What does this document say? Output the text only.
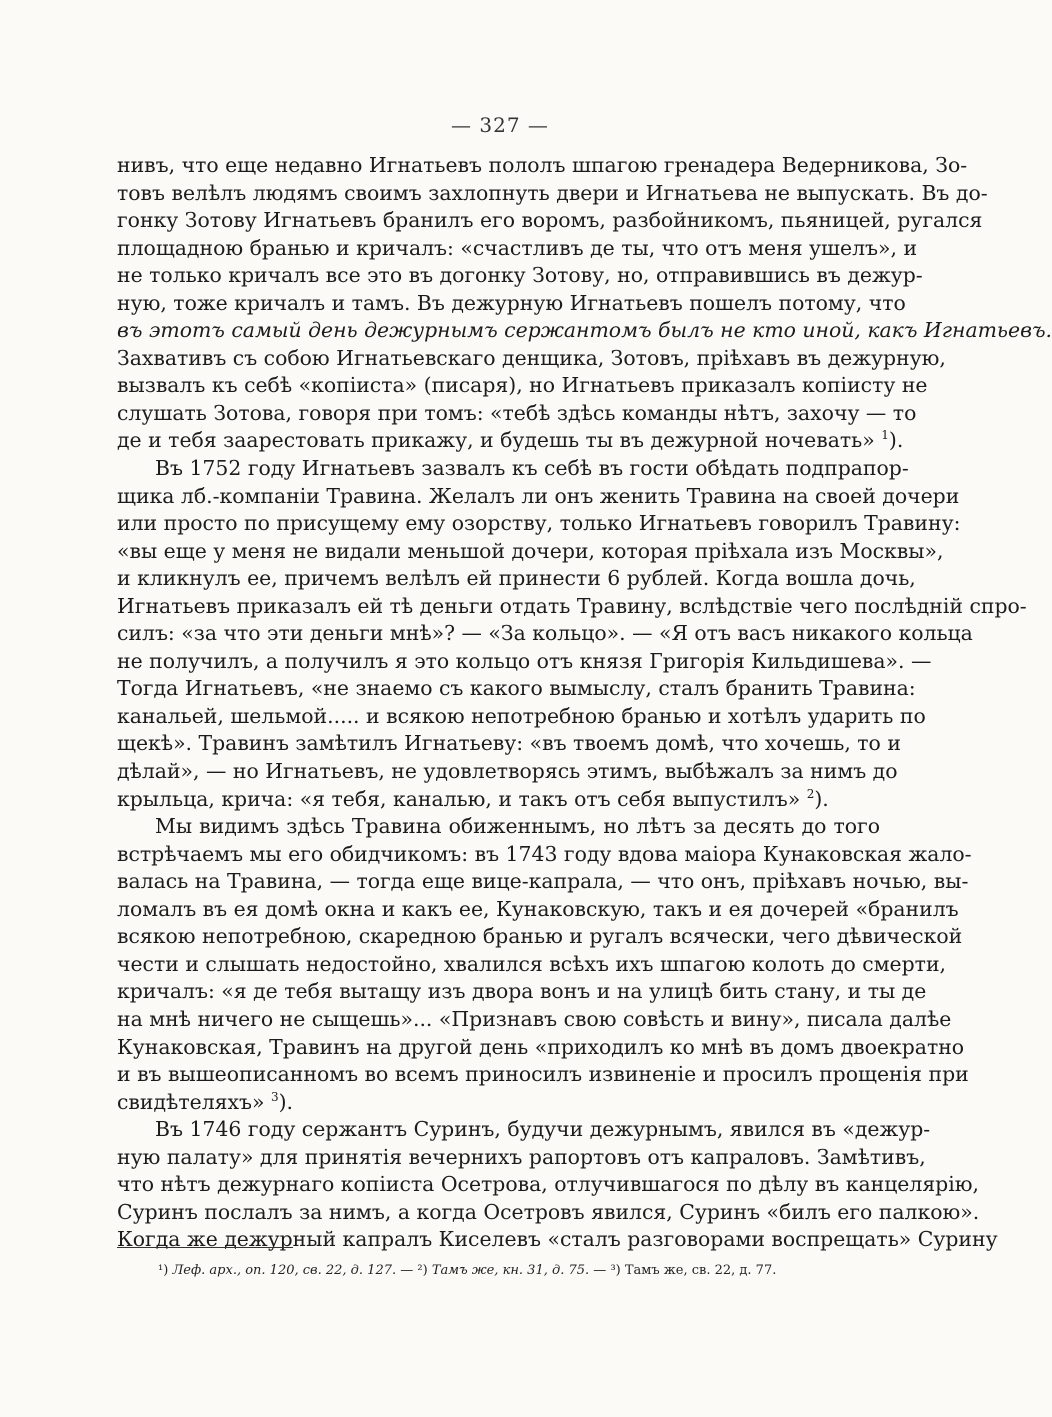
— 327 —

нивъ, что еще недавно Игнатьевъ пололъ шпагою гренадера Ведерникова, Зо-
товъ велѣлъ людямъ своимъ захлопнуть двери и Игнатьева не выпускать. Въ до-
гонку Зотову Игнатьевъ бранилъ его воромъ, разбойникомъ, пьяницей, ругался
площадною бранью и кричалъ: «счастливъ де ты, что отъ меня ушелъ», и
не только кричалъ все это въ догонку Зотову, но, отправившись въ дежур-
ную, тоже кричалъ и тамъ. Въ дежурную Игнатьевъ пошелъ потому, что
въ этотъ самый день дежурнымъ сержантомъ былъ не кто иной, какъ Игнатьевъ.
Захвативъ съ собою Игнатьевскаго денщика, Зотовъ, пріѣхавъ въ дежурную,
вызвалъ къ себѣ «копіиста» (писаря), но Игнатьевъ приказалъ копіисту не
слушать Зотова, говоря при томъ: «тебѣ здѣсь команды нѣтъ, захочу — то
де и тебя заарестовать прикажу, и будешь ты въ дежурной ночевать» $^1$).

Въ 1752 году Игнатьевъ зазвалъ къ себѣ въ гости обѣдать подпрапор-
щика лб.-компаніи Травина. Желалъ ли онъ женить Травина на своей дочери
или просто по присущему ему озорству, только Игнатьевъ говорилъ Травину:
«вы еще у меня не видали меньшой дочери, которая пріѣхала изъ Москвы»,
и кликнулъ ее, причемъ велѣлъ ей принести 6 рублей. Когда вошла дочь,
Игнатьевъ приказалъ ей тѣ деньги отдать Травину, вслѣдствіе чего послѣдній спро-
силъ: «за что эти деньги мнѣ»? — «За кольцо». — «Я отъ васъ никакого кольца
не получилъ, а получилъ я это кольцо отъ князя Григорія Кильдишева». —
Тогда Игнатьевъ, «не знаемо съ какого вымыслу, сталъ бранить Травина:
канальей, шельмой..... и всякою непотребною бранью и хотѣлъ ударить по
щекѣ». Травинъ замѣтилъ Игнатьеву: «въ твоемъ домѣ, что хочешь, то и
дѣлай», — но Игнатьевъ, не удовлетворясь этимъ, выбѣжалъ за нимъ до
крыльца, крича: «я тебя, каналью, и такъ отъ себя выпустилъ» $^2$).

Мы видимъ здѣсь Травина обиженнымъ, но лѣтъ за десять до того
встрѣчаемъ мы его обидчикомъ: въ 1743 году вдова маіора Кунаковская жало-
валась на Травина, — тогда еще вице-капрала, — что онъ, пріѣхавъ ночью, вы-
ломалъ въ ея домѣ окна и какъ ее, Кунаковскую, такъ и ея дочерей «бранилъ
всякою непотребною, скаредною бранью и ругалъ всячески, чего дѣвической
чести и слышать недостойно, хвалился всѣхъ ихъ шпагою колоть до смерти,
кричалъ: «я де тебя вытащу изъ двора вонъ и на улицѣ бить стану, и ты де
на мнѣ ничего не сыщешь»... «Признавъ свою совѣсть и вину», писала далѣе
Кунаковская, Травинъ на другой день «приходилъ ко мнѣ въ домъ двоекратно
и въ вышеописанномъ во всемъ приносилъ извиненіе и просилъ прощенія при
свидѣтеляхъ» $^3$).

Въ 1746 году сержантъ Суринъ, будучи дежурнымъ, явился въ «дежур-
ную палату» для принятія вечернихъ рапортовъ отъ капраловъ. Замѣтивъ,
что нѣтъ дежурнаго копіиста Осетрова, отлучившагося по дѣлу въ канцелярію,
Суринъ послалъ за нимъ, а когда Осетровъ явился, Суринъ «билъ его палкою».
Когда же дежурный капралъ Киселевъ «сталъ разговорами воспрещать» Сурину

¹) Леф. арх., оп. 120, св. 22, д. 127. — ²) Тамъ же, кн. 31, д. 75. — ³) Тамъ же, св. 22, д. 77.
